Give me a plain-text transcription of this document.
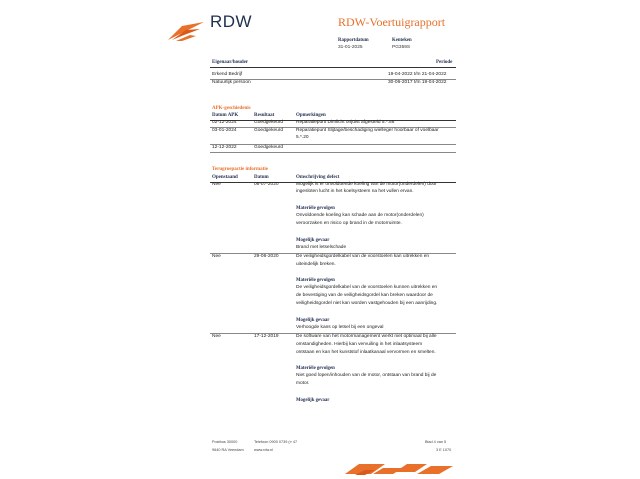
RDW	RDW-Voertuigrapport
Rapportdatum
31-01-2025
Kenteken
PG359S
Eigenaar/houder	Periode
Erkend Bedrijf	19-04-2022 t/m 21-04-2022
Natuurlijk persoon	30-06-2017 t/m 19-04-2022
APK-geschiedenis
Datum APK	Resultaat	Opmerkingen
02-12-2024	Goedgekeurd	Reparatiepunt Dimlicht onjuist afgesteld 5.*.56
03-01-2024	Goedgekeurd	Reparatiepunt Slijtage/beschadiging wielleger hoorbaar of voelbaar
5.*.20
12-12-2022	Goedgekeurd
Terugroepactie informatie
Openstaand	Datum	Omschrijving defect
Nee	06-07-2020	Mogelijk is er onvoldoende koeling van de motor(onderdelen) door
ingesloten lucht in het koelsysteem na het vullen ervan.
Materiële gevolgen
Onvoldoende koeling kan schade aan de motor(onderdelen)
veroorzaken en risico op brand in de motorruimte.
Mogelijk gevaar
Brand met letselschade
Nee	29-06-2020	De veiligheidsgordelkabel van de voorstoelen kan uitrekken en
uiteindelijk breken.
Materiële gevolgen
De veiligheidsgordelkabel van de voorstoelen kunnen uitrekken en
de bevestiging van de veiligheidsgordel kan breken waardoor de
veiligheidsgordel niet kan worden vastgehouden bij een aanrijding.
Mogelijk gevaar
Verhoogde kans op letsel bij een ongeval
Nee	17-12-2019	De software van het motormanagement werkt niet optimaal bij alle
omstandigheden. Hierbij kan vervuiling in het inlaatsysteem
ontstaan en kan het kunststof inlaatkanaal vervormen en smelten.
Materiële gevolgen
Niet goed lopen/inhouden van de motor, ontstaan van brand bij de
motor.
Mogelijk gevaar
Postbus 30000
9640 RA Veendam
Telefoon 0900 0739 (¤ 47
www.rdw.nl
Blad 4 van 5
3 E 1070
